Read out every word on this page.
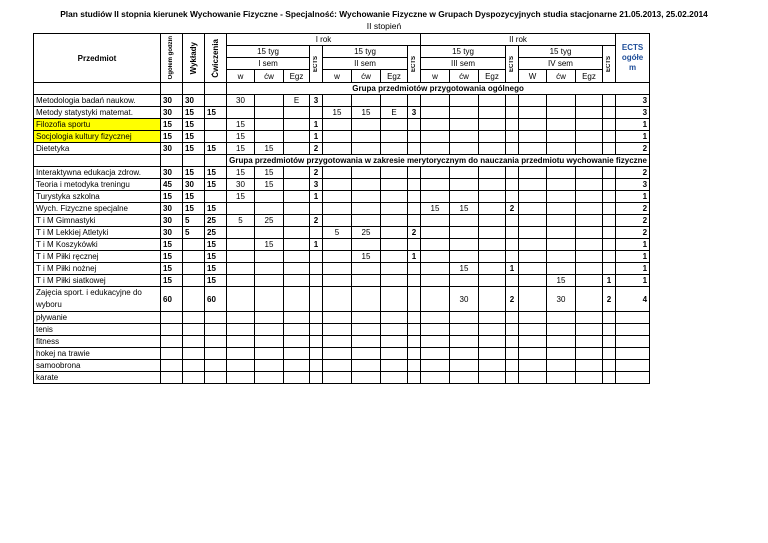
Plan studiów II stopnia kierunek Wychowanie Fizyczne - Specjalność: Wychowanie Fizyczne w Grupach Dyspozycyjnych studia stacjonarne 21.05.2013, 25.02.2014
II stopień
Przedmiot	Ogółem godzin	Wykłady	Ćwiczenia	I rok								II rok								ECTS ogółe m
				15 tyg			ECTS	15 tyg			ECTS	15 tyg			ECTS	15 tyg			ECTS	

				I sem				II sem				III sem				IV sem				
				w	ćw	Egz		w	ćw	Egz		w	ćw	Egz		W	ćw	Egz		
				Grupa przedmiotów przygotowania ogólnego																
Metodologia badań naukow.	30	30		30		E	3													3
Metody statystyki matemat.	30	15	15					15	15	E	3									3
Filozofia sportu	15	15		15			1													1
Socjologia kultury fizycznej	15	15		15			1													1
Dietetyka	30	15	15	15	15		2													2
				Grupa przedmiotów przygotowania w zakresie merytorycznym do nauczania przedmiotu wychowanie fizyczne																
Interaktywna edukacja zdrow.	30	15	15	15	15		2													2
Teoria i metodyka treningu	45	30	15	30	15		3													3
Turystyka szkolna	15	15		15			1													1
Wych. Fizyczne specjalne	30	15	15									15	15		2					2
T i M Gimnastyki	30	5	25	5	25		2													2
T i M Lekkiej Atletyki	30	5	25					5	25		2									2
T i M Koszykówki	15		15		15		1													1
T i M Piłki ręcznej	15		15						15		1									1
T i M Piłki nożnej	15		15										15		1					1
T i M Piłki siatkowej	15		15														15		1	1

Zajęcia sport. i edukacyjne do
wyboru	60		60										30		2		30		2	4
pływanie																				
tenis																				
fitness																				
hokej na trawie																				
samoobrona																				
karate																				
